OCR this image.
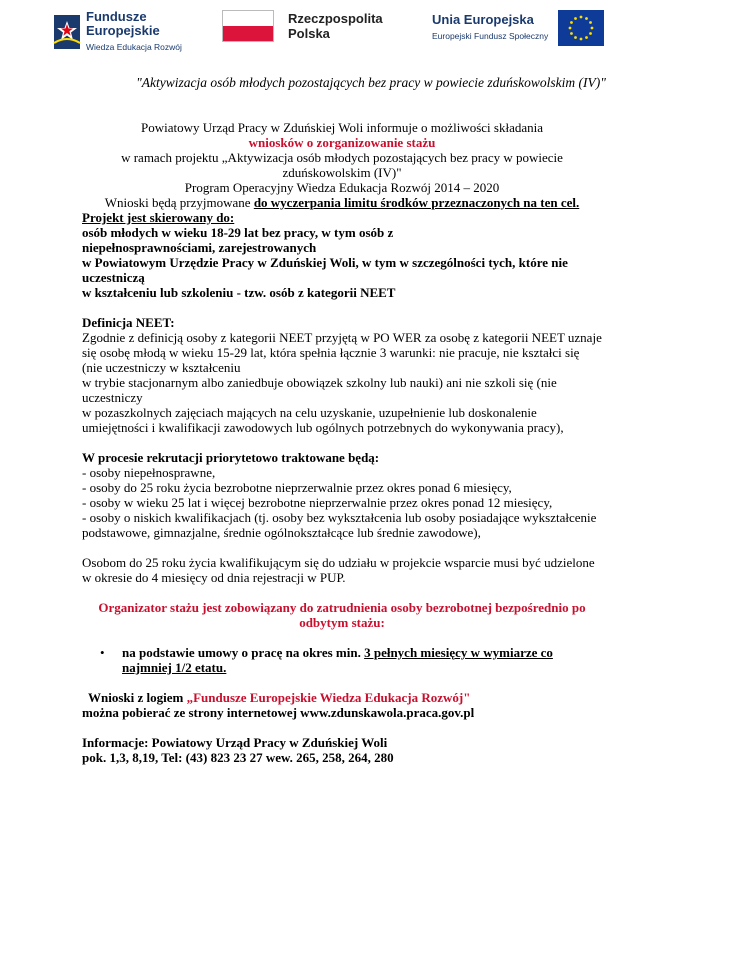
Fundusze
Europejskie
Wiedza Edukacja Rozwój
Rzeczpospolita
Polska
Unia Europejska
Europejski Fundusz Społeczny
"Aktywizacja osób młodych pozostających bez pracy w powiecie zduńskowolskim (IV)"

Powiatowy Urząd Pracy w Zduńskiej Woli informuje o możliwości składania

wniosków o zorganizowanie stażu

w ramach projektu „Aktywizacja osób młodych pozostających bez pracy w powiecie zduńskowolskim (IV)"

Program Operacyjny Wiedza Edukacja Rozwój 2014 – 2020

Wnioski będą przyjmowane do wyczerpania limitu środków przeznaczonych na ten cel.

Projekt jest skierowany do:

osób młodych w wieku 18-29 lat bez pracy, w tym osób z

niepełnosprawnościami, zarejestrowanych

w Powiatowym Urzędzie Pracy w Zduńskiej Woli, w tym w szczególności tych, które nie uczestniczą

w kształceniu lub szkoleniu - tzw. osób z kategorii NEET

Definicja NEET:

Zgodnie z definicją osoby z kategorii NEET przyjętą w PO WER za osobę z kategorii NEET uznaje się osobę młodą w wieku 15-29 lat, która spełnia łącznie 3 warunki: nie pracuje, nie kształci się (nie uczestniczy w kształceniu

w trybie stacjonarnym albo zaniedbuje obowiązek szkolny lub nauki) ani nie szkoli się (nie uczestniczy

w pozaszkolnych zajęciach mających na celu uzyskanie, uzupełnienie lub doskonalenie umiejętności i kwalifikacji zawodowych lub ogólnych potrzebnych do wykonywania pracy),

W procesie rekrutacji priorytetowo traktowane będą:

- osoby niepełnosprawne,

- osoby do 25 roku życia bezrobotne nieprzerwalnie przez okres ponad 6 miesięcy,

- osoby w wieku 25 lat i więcej bezrobotne nieprzerwalnie przez okres ponad 12 miesięcy,

- osoby o niskich kwalifikacjach (tj. osoby bez wykształcenia lub osoby posiadające wykształcenie podstawowe, gimnazjalne, średnie ogólnokształcące lub średnie zawodowe),

Osobom do 25 roku życia kwalifikującym się do udziału w projekcie wsparcie musi być udzielone w okresie do 4 miesięcy od dnia rejestracji w PUP.

Organizator stażu jest zobowiązany do zatrudnienia osoby bezrobotnej bezpośrednio po odbytym stażu:

•	na podstawie umowy o pracę na okres min. 3 pełnych miesięcy w wymiarze co najmniej 1/2 etatu.

Wnioski z logiem „Fundusze Europejskie Wiedza Edukacja Rozwój"

można pobierać ze strony internetowej www.zdunskawola.praca.gov.pl

Informacje: Powiatowy Urząd Pracy w Zduńskiej Woli

pok. 1,3, 8,19, Tel: (43) 823 23 27 wew. 265, 258, 264, 280
